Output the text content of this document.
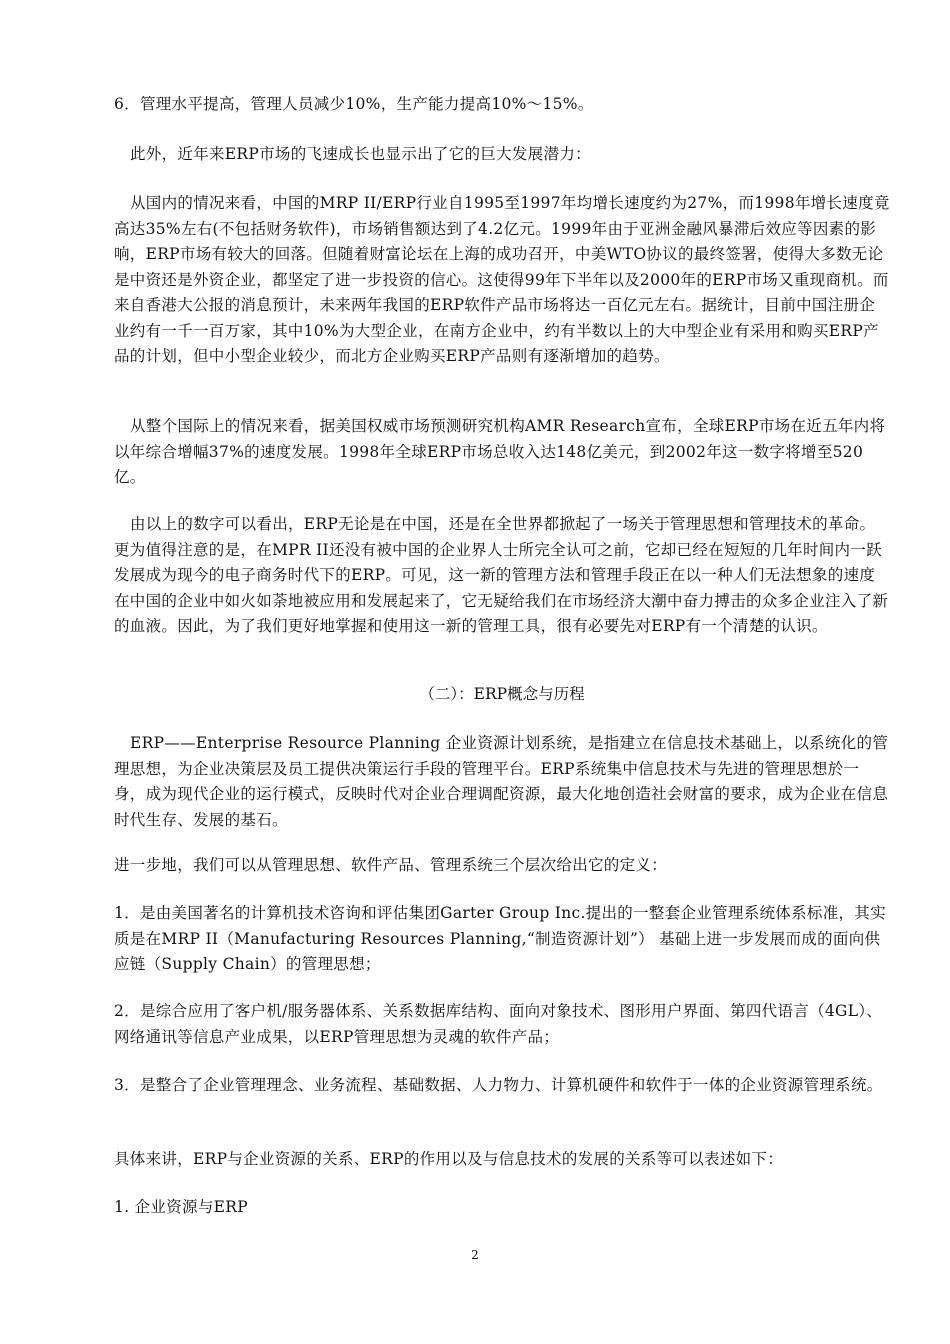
6．管理水平提高，管理人员减少10%，生产能力提高10%～15%。

此外，近年来ERP市场的飞速成长也显示出了它的巨大发展潜力：

从国内的情况来看，中国的MRP II/ERP行业自1995至1997年均增长速度约为27%，而1998年增长速度竟高达35%左右(不包括财务软件)，市场销售额达到了4.2亿元。1999年由于亚洲金融风暴滞后效应等因素的影响，ERP市场有较大的回落。但随着财富论坛在上海的成功召开，中美WTO协议的最终签署，使得大多数无论是中资还是外资企业，都坚定了进一步投资的信心。这使得99年下半年以及2000年的ERP市场又重现商机。而来自香港大公报的消息预计，未来两年我国的ERP软件产品市场将达一百亿元左右。据统计，目前中国注册企业约有一千一百万家，其中10%为大型企业，在南方企业中，约有半数以上的大中型企业有采用和购买ERP产品的计划，但中小型企业较少，而北方企业购买ERP产品则有逐渐增加的趋势。

从整个国际上的情况来看，据美国权威市场预测研究机构AMR Research宣布，全球ERP市场在近五年内将以年综合增幅37%的速度发展。1998年全球ERP市场总收入达148亿美元，到2002年这一数字将增至520亿。

由以上的数字可以看出，ERP无论是在中国，还是在全世界都掀起了一场关于管理思想和管理技术的革命。更为值得注意的是，在MPR II还没有被中国的企业界人士所完全认可之前，它却已经在短短的几年时间内一跃发展成为现今的电子商务时代下的ERP。可见，这一新的管理方法和管理手段正在以一种人们无法想象的速度在中国的企业中如火如荼地被应用和发展起来了，它无疑给我们在市场经济大潮中奋力搏击的众多企业注入了新的血液。因此，为了我们更好地掌握和使用这一新的管理工具，很有必要先对ERP有一个清楚的认识。

（二）：ERP概念与历程

ERP——Enterprise Resource Planning 企业资源计划系统，是指建立在信息技术基础上，以系统化的管理思想，为企业决策层及员工提供决策运行手段的管理平台。ERP系统集中信息技术与先进的管理思想於一身，成为现代企业的运行模式，反映时代对企业合理调配资源，最大化地创造社会财富的要求，成为企业在信息时代生存、发展的基石。

进一步地，我们可以从管理思想、软件产品、管理系统三个层次给出它的定义：

1．是由美国著名的计算机技术咨询和评估集团Garter Group Inc.提出的一整套企业管理系统体系标准，其实质是在MRP II（Manufacturing Resources Planning,“制造资源计划”） 基础上进一步发展而成的面向供应链（Supply Chain）的管理思想；

2．是综合应用了客户机/服务器体系、关系数据库结构、面向对象技术、图形用户界面、第四代语言（4GL）、网络通讯等信息产业成果，以ERP管理思想为灵魂的软件产品；

3．是整合了企业管理理念、业务流程、基础数据、人力物力、计算机硬件和软件于一体的企业资源管理系统。

具体来讲，ERP与企业资源的关系、ERP的作用以及与信息技术的发展的关系等可以表述如下：

1. 企业资源与ERP

2
